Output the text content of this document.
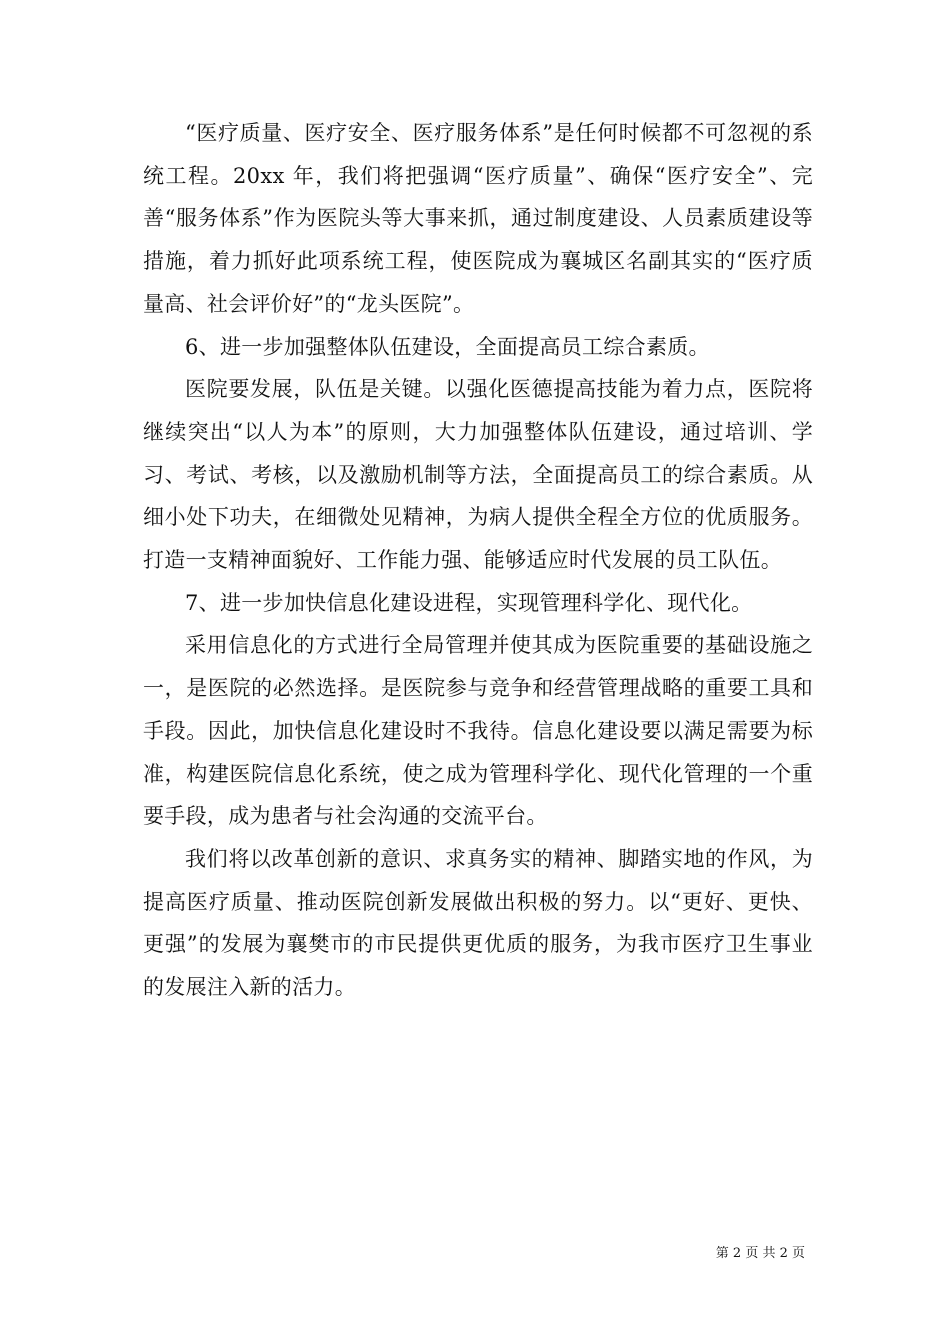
“医疗质量、医疗安全、医疗服务体系”是任何时候都不可忽视的系统工程。20xx 年，我们将把强调“医疗质量”、确保“医疗安全”、完善“服务体系”作为医院头等大事来抓，通过制度建设、人员素质建设等措施，着力抓好此项系统工程，使医院成为襄城区名副其实的“医疗质量高、社会评价好”的“龙头医院”。

6、进一步加强整体队伍建设，全面提高员工综合素质。

医院要发展，队伍是关键。以强化医德提高技能为着力点，医院将继续突出“以人为本”的原则，大力加强整体队伍建设，通过培训、学习、考试、考核，以及激励机制等方法，全面提高员工的综合素质。从细小处下功夫，在细微处见精神，为病人提供全程全方位的优质服务。打造一支精神面貌好、工作能力强、能够适应时代发展的员工队伍。

7、进一步加快信息化建设进程，实现管理科学化、现代化。

采用信息化的方式进行全局管理并使其成为医院重要的基础设施之一，是医院的必然选择。是医院参与竞争和经营管理战略的重要工具和手段。因此，加快信息化建设时不我待。信息化建设要以满足需要为标准，构建医院信息化系统，使之成为管理科学化、现代化管理的一个重要手段，成为患者与社会沟通的交流平台。

我们将以改革创新的意识、求真务实的精神、脚踏实地的作风，为提高医疗质量、推动医院创新发展做出积极的努力。以“更好、更快、更强”的发展为襄樊市的市民提供更优质的服务，为我市医疗卫生事业的发展注入新的活力。

第 2 页 共 2 页
